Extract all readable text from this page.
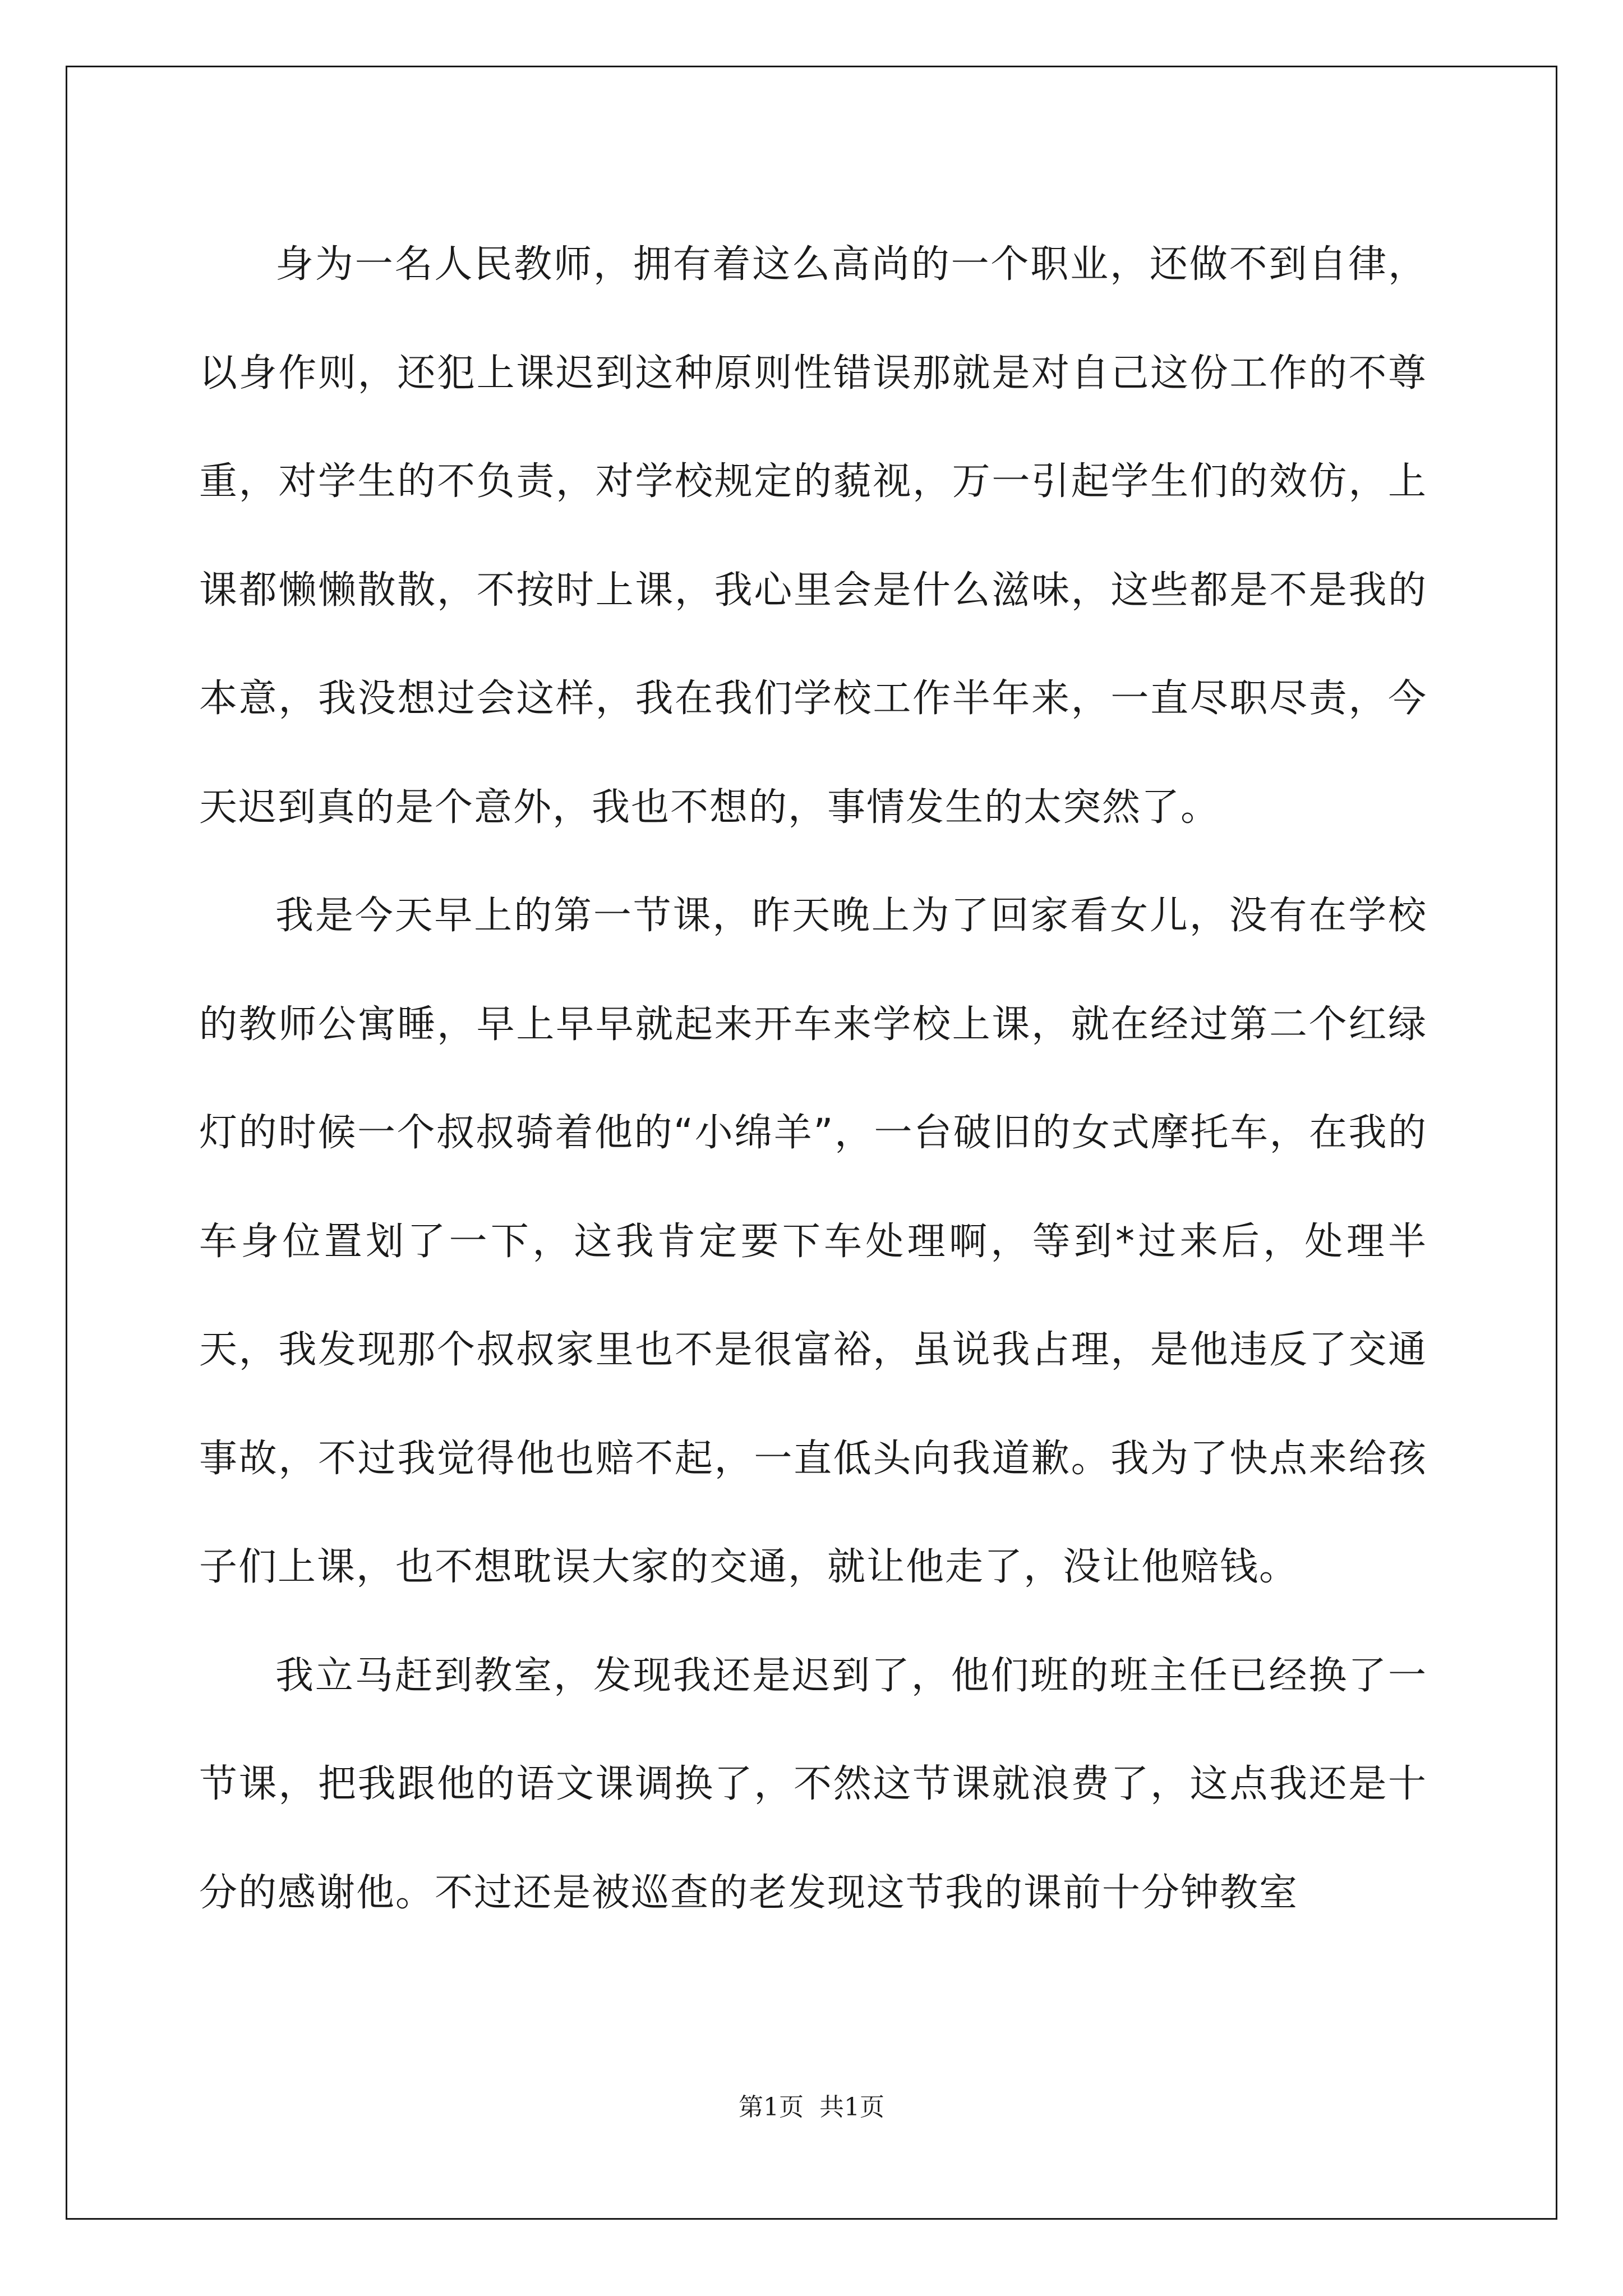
身为一名人民教师，拥有着这么高尚的一个职业，还做不到自律，以身作则，还犯上课迟到这种原则性错误那就是对自己这份工作的不尊重，对学生的不负责，对学校规定的藐视，万一引起学生们的效仿，上课都懒懒散散，不按时上课，我心里会是什么滋味，这些都是不是我的本意，我没想过会这样，我在我们学校工作半年来，一直尽职尽责，今天迟到真的是个意外，我也不想的，事情发生的太突然了。

我是今天早上的第一节课，昨天晚上为了回家看女儿，没有在学校的教师公寓睡，早上早早就起来开车来学校上课，就在经过第二个红绿灯的时候一个叔叔骑着他的“小绵羊”，一台破旧的女式摩托车，在我的车身位置划了一下，这我肯定要下车处理啊，等到*过来后，处理半天，我发现那个叔叔家里也不是很富裕，虽说我占理，是他违反了交通事故，不过我觉得他也赔不起，一直低头向我道歉。我为了快点来给孩子们上课，也不想耽误大家的交通，就让他走了，没让他赔钱。

我立马赶到教室，发现我还是迟到了，他们班的班主任已经换了一节课，把我跟他的语文课调换了，不然这节课就浪费了，这点我还是十分的感谢他。不过还是被巡查的老发现这节我的课前十分钟教室

第1页  共1页
